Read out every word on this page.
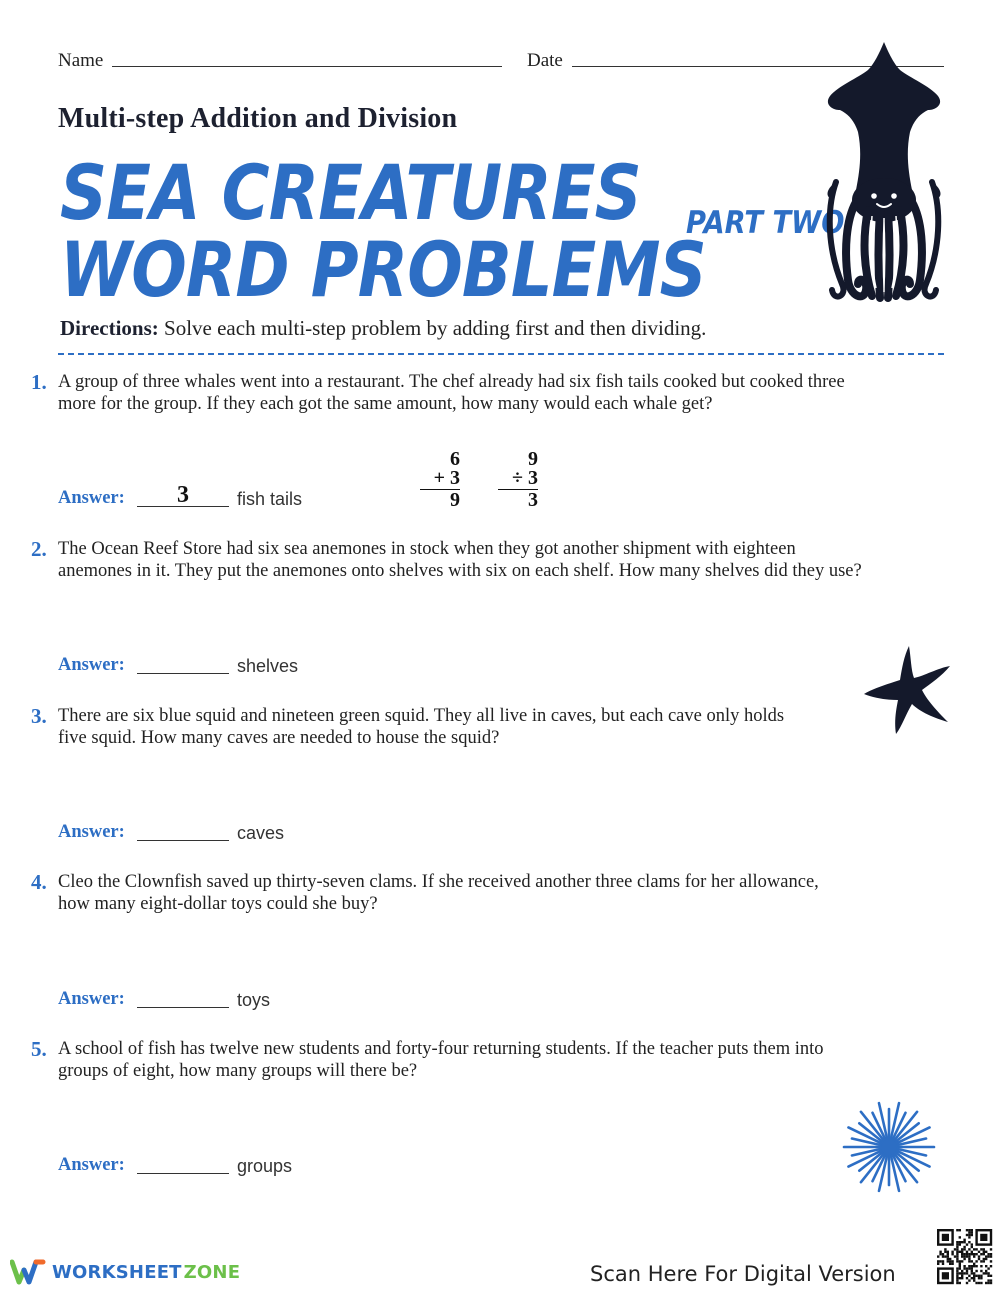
Name	Date
Multi-step Addition and Division
SEA CREATURES
WORD PROBLEMS
PART TWO
Directions: Solve each multi-step problem by adding first and then dividing.
1. A group of three whales went into a restaurant. The chef already had six fish tails cooked but cooked three
more for the group. If they each got the same amount, how many would each whale get?
Answer:	3	fish tails
6
+ 3
9
9
÷ 3
3
2. The Ocean Reef Store had six sea anemones in stock when they got another shipment with eighteen
anemones in it. They put the anemones onto shelves with six on each shelf. How many shelves did they use?
Answer:	shelves
3. There are six blue squid and nineteen green squid. They all live in caves, but each cave only holds
five squid. How many caves are needed to house the squid?
Answer:	caves
4. Cleo the Clownfish saved up thirty-seven clams. If she received another three clams for her allowance,
how many eight-dollar toys could she buy?
Answer:	toys
5. A school of fish has twelve new students and forty-four returning students. If the teacher puts them into
groups of eight, how many groups will there be?
Answer:	groups
WORKSHEET ZONE	Scan Here For Digital Version
